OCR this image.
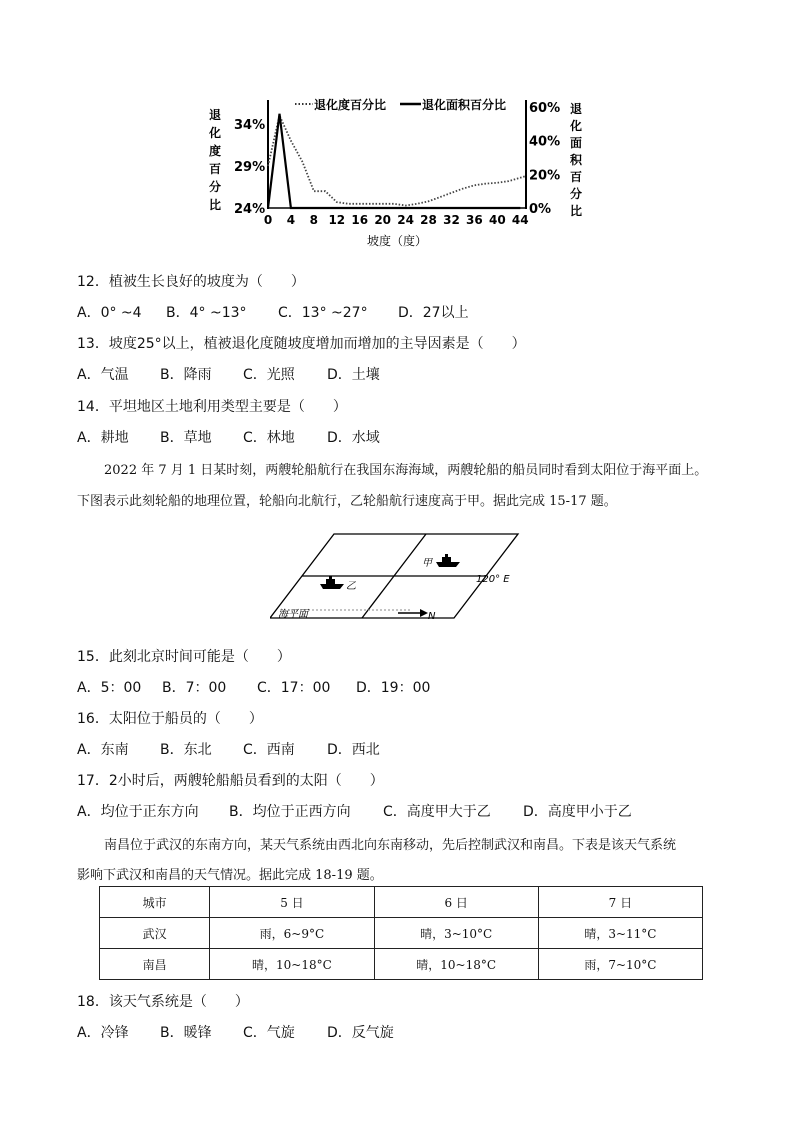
退
化
度
百
分
比
退
化
面
积
百
分
比
24%
29%
34%
0%
20%
40%
60%
0 4 8 12 16 20 24 28 32 36 40 44
退化度百分比	退化面积百分比
坡度（度）
12．植被生长良好的坡度为（　　）
A．0° ~4 B．4° ~13° C．13° ~27° D．27以上
13．坡度25°以上，植被退化度随坡度增加而增加的主导因素是（　　）
A．气温 B．降雨 C．光照 D．土壤
14．平坦地区土地利用类型主要是（　　）
A．耕地 B．草地 C．林地 D．水域
2022 年 7 月 1 日某时刻，两艘轮船航行在我国东海海域，两艘轮船的船员同时看到太阳位于海平面上。
下图表示此刻轮船的地理位置，轮船向北航行，乙轮船航行速度高于甲。据此完成 15-17 题。
甲
120° E
乙
海平面	N
15．此刻北京时间可能是（　　）
A．5：00 B．7：00 C．17：00 D．19：00
16．太阳位于船员的（　　）
A．东南 B．东北 C．西南 D．西北
17．2小时后，两艘轮船船员看到的太阳（　　）
A．均位于正东方向 B．均位于正西方向 C．高度甲大于乙 D．高度甲小于乙
南昌位于武汉的东南方向，某天气系统由西北向东南移动，先后控制武汉和南昌。下表是该天气系统
影响下武汉和南昌的天气情况。据此完成 18-19 题。
城市	5 日	6 日	7 日
武汉	雨，6~9°C	晴，3~10°C	晴，3~11°C
南昌	晴，10~18°C	晴，10~18°C	雨，7~10°C
18．该天气系统是（　　）
A．冷锋 B．暖锋 C．气旋 D．反气旋
